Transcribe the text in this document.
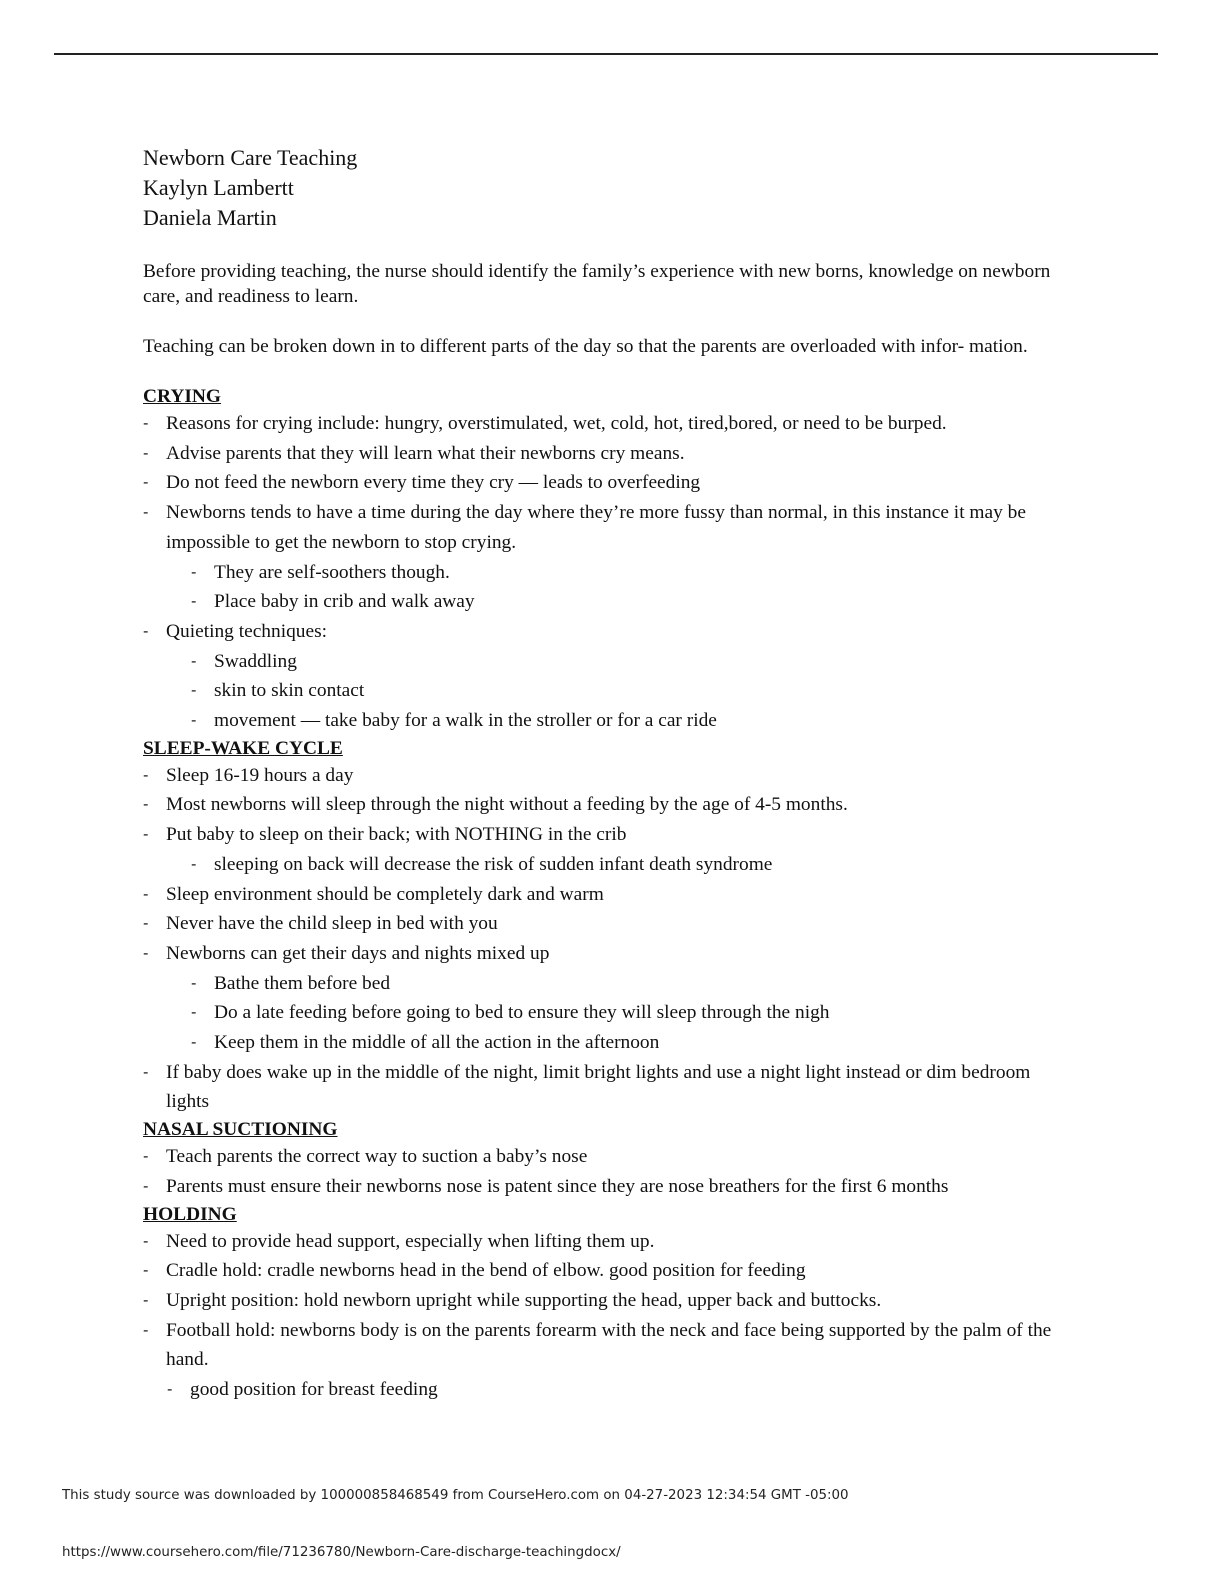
Newborn Care Teaching
Kaylyn Lambertt
Daniela Martin

Before providing teaching, the nurse should identify the family’s experience with new borns, knowledge on newborn care, and readiness to learn.

Teaching can be broken down in to different parts of the day so that the parents are overloaded with infor- mation.

CRYING
- Reasons for crying include: hungry, overstimulated, wet, cold, hot, tired,bored, or need to be burped.
- Advise parents that they will learn what their newborns cry means.
- Do not feed the newborn every time they cry — leads to overfeeding
- Newborns tends to have a time during the day where they’re more fussy than normal, in this instance it may be impossible to get the newborn to stop crying.
- They are self-soothers though.
- Place baby in crib and walk away
- Quieting techniques:
- Swaddling
- skin to skin contact
- movement — take baby for a walk in the stroller or for a car ride
SLEEP-WAKE CYCLE
- Sleep 16-19 hours a day
- Most newborns will sleep through the night without a feeding by the age of 4-5 months.
- Put baby to sleep on their back; with NOTHING in the crib
- sleeping on back will decrease the risk of sudden infant death syndrome
- Sleep environment should be completely dark and warm
- Never have the child sleep in bed with you
- Newborns can get their days and nights mixed up
- Bathe them before bed
- Do a late feeding before going to bed to ensure they will sleep through the nigh
- Keep them in the middle of all the action in the afternoon
- If baby does wake up in the middle of the night, limit bright lights and use a night light instead or dim bedroom lights
NASAL SUCTIONING
- Teach parents the correct way to suction a baby’s nose
- Parents must ensure their newborns nose is patent since they are nose breathers for the first 6 months
HOLDING
- Need to provide head support, especially when lifting them up.
- Cradle hold: cradle newborns head in the bend of elbow. good position for feeding
- Upright position: hold newborn upright while supporting the head, upper back and buttocks.
- Football hold: newborns body is on the parents forearm with the neck and face being supported by the palm of the hand.
- good position for breast feeding
This study source was downloaded by 100000858468549 from CourseHero.com on 04-27-2023 12:34:54 GMT -05:00
https://www.coursehero.com/file/71236780/Newborn-Care-discharge-teachingdocx/
